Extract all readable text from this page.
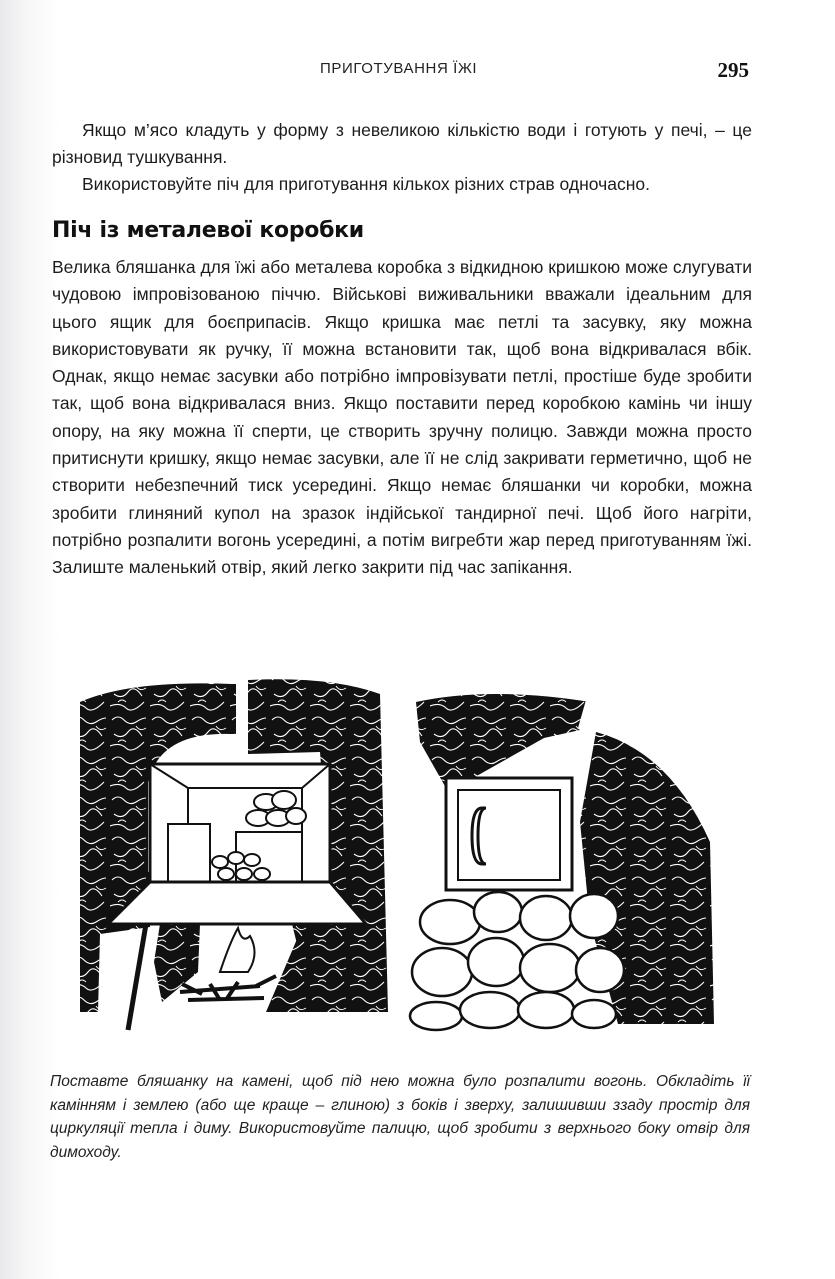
ПРИГОТУВАННЯ ЇЖІ	295

Якщо м’ясо кладуть у форму з невеликою кількістю води і готують у печі, – це різновид тушкування.

Використовуйте піч для приготування кількох різних страв одночасно.

Піч із металевої коробки

Велика бляшанка для їжі або металева коробка з відкидною кришкою може слугувати чудовою імпровізованою піччю. Військові виживальники вважали ідеальним для цього ящик для боєприпасів. Якщо кришка має петлі та засувку, яку можна використовувати як ручку, її можна встановити так, щоб вона відкривалася вбік. Однак, якщо немає засувки або потрібно імпровізувати петлі, простіше буде зробити так, щоб вона відкривалася вниз. Якщо поставити перед коробкою камінь чи іншу опору, на яку можна її сперти, це створить зручну полицю. Завжди можна просто притиснути кришку, якщо немає засувки, але її не слід закривати герметично, щоб не створити небезпечний тиск усередині. Якщо немає бляшанки чи коробки, можна зробити глиняний купол на зразок індійської тандирної печі. Щоб його нагріти, потрібно розпалити вогонь усередині, а потім вигребти жар перед приготуванням їжі. Залиште маленький отвір, який легко закрити під час запікання.

Поставте бляшанку на камені, щоб під нею можна було розпалити вогонь. Обкладіть її камінням і землею (або ще краще – глиною) з боків і зверху, залишивши ззаду простір для циркуляції тепла і диму. Використовуйте палицю, щоб зробити з верхнього боку отвір для димоходу.
